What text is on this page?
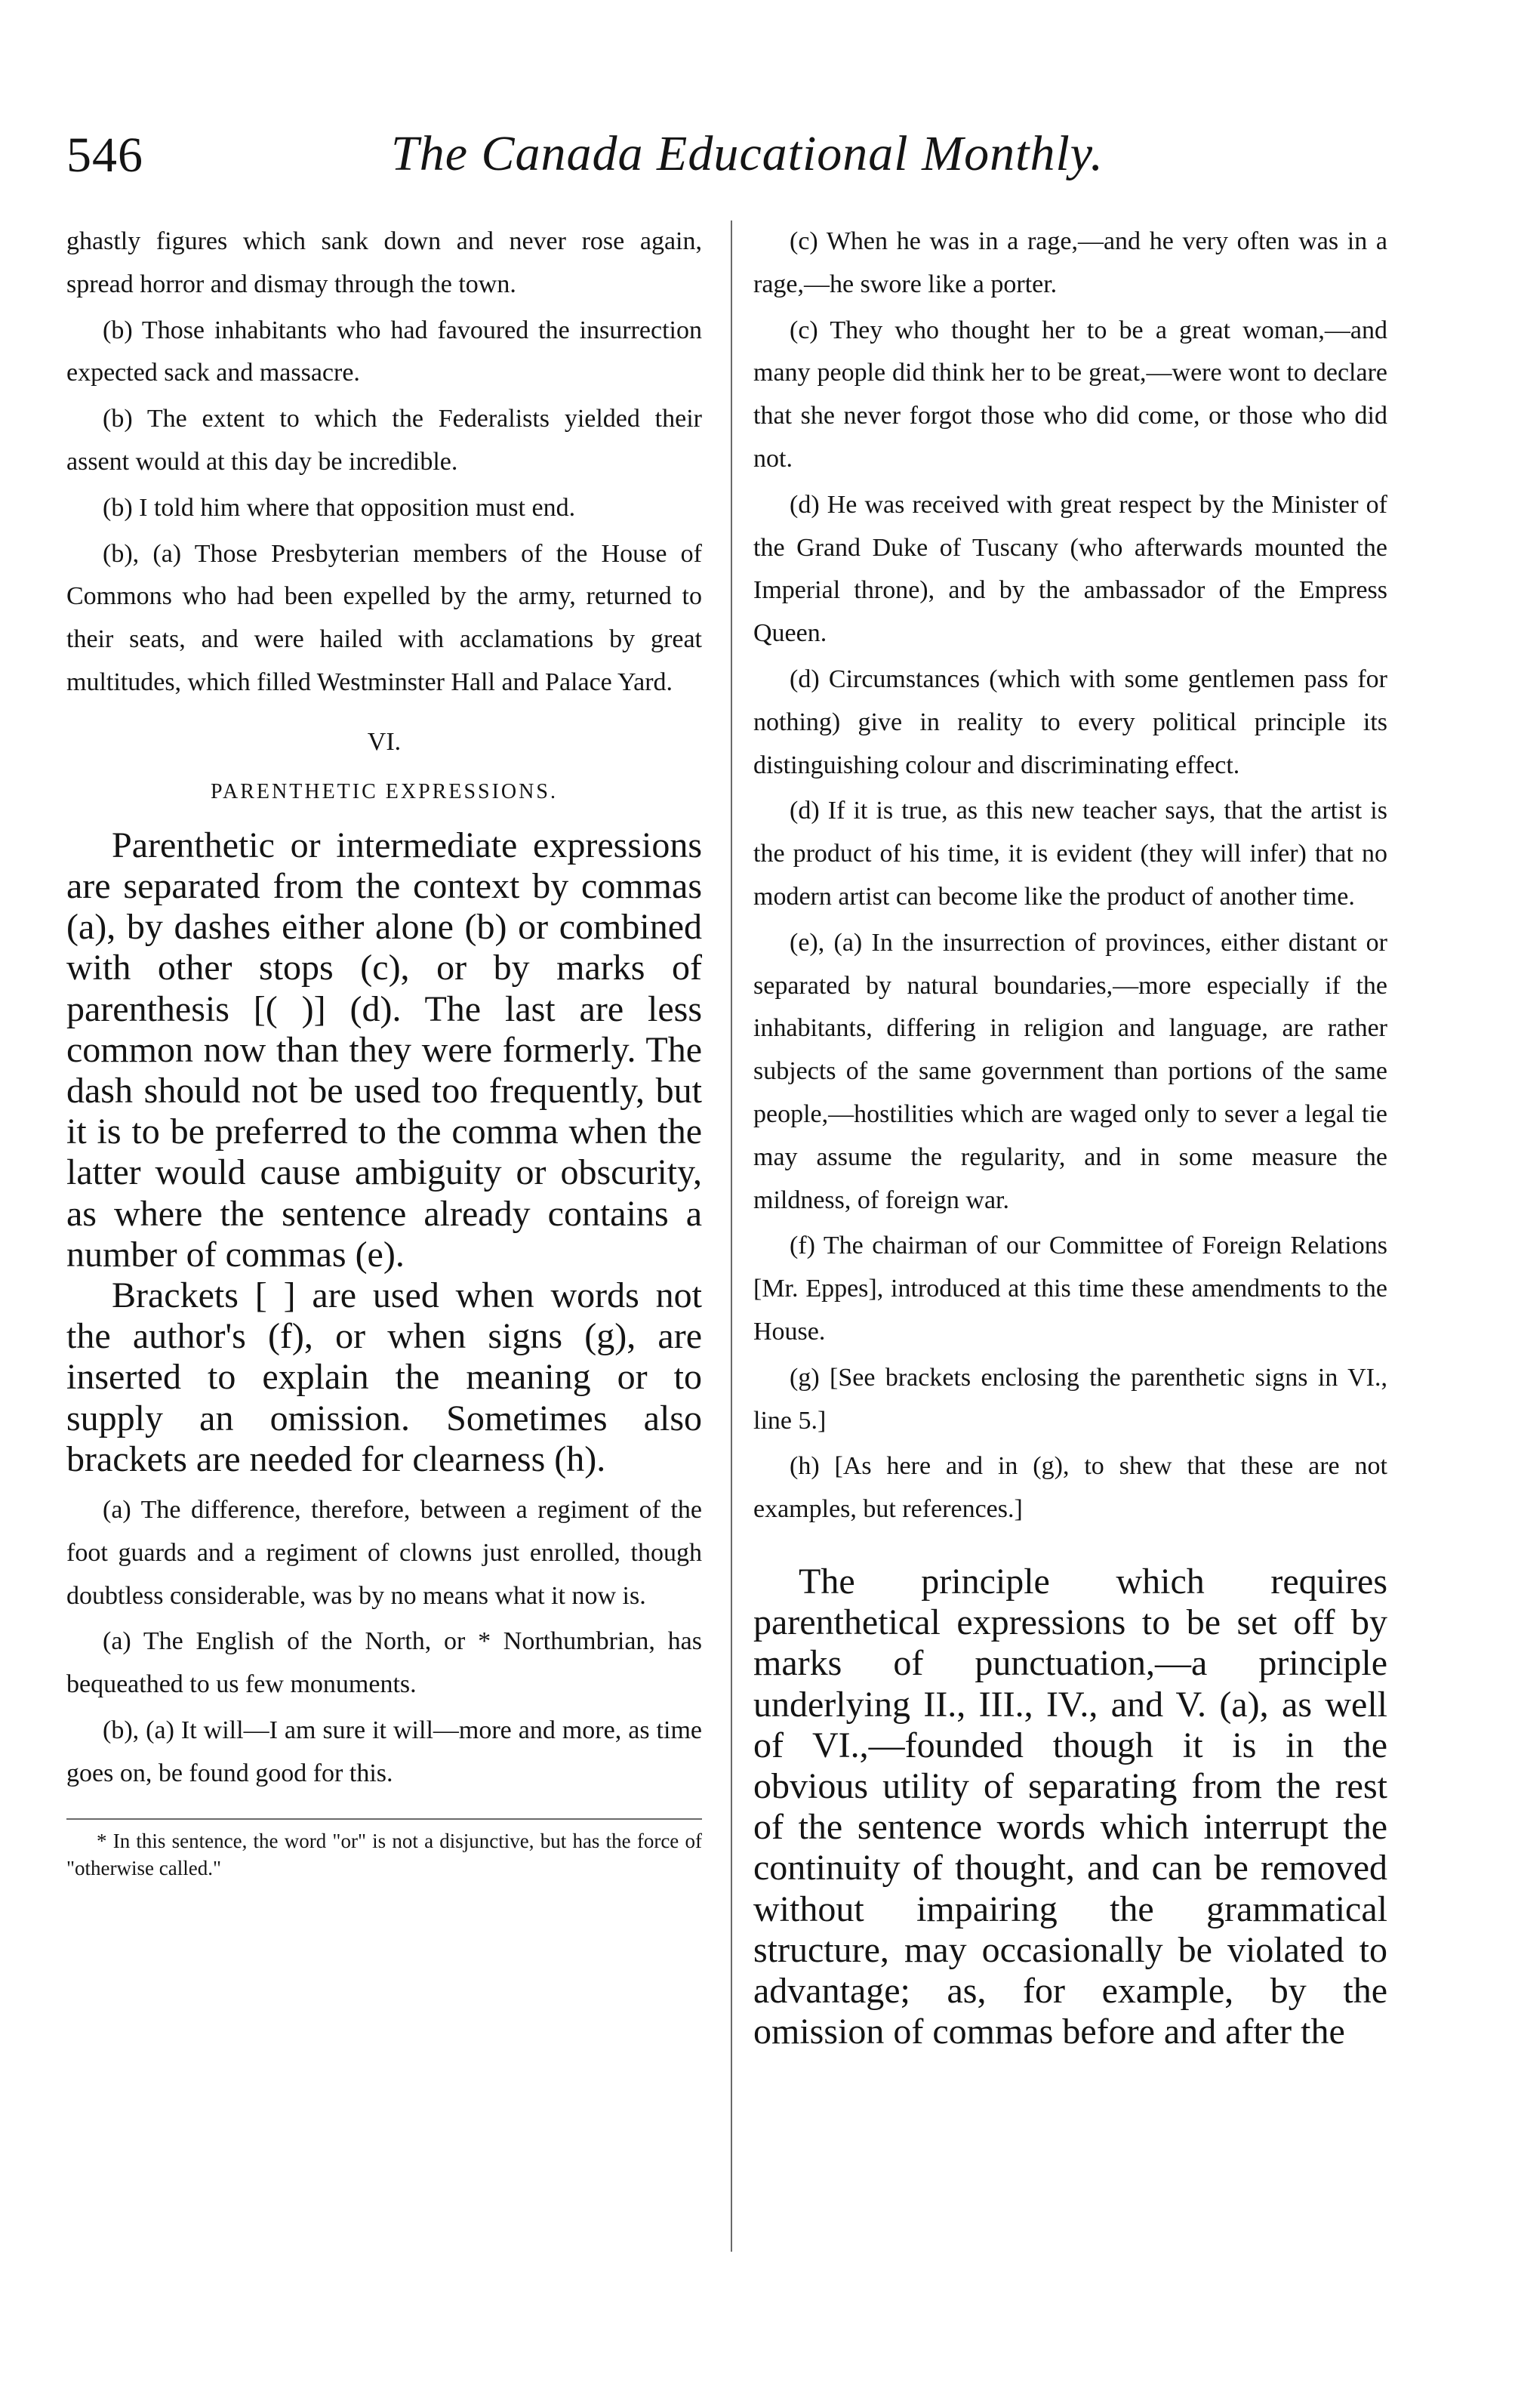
546	The Canada Educational Monthly.

ghastly figures which sank down and never rose again, spread horror and dismay through the town.

(b) Those inhabitants who had favoured the insurrection expected sack and massacre.

(b) The extent to which the Federalists yielded their assent would at this day be incredible.

(b) I told him where that opposition must end.

(b), (a) Those Presbyterian members of the House of Commons who had been expelled by the army, returned to their seats, and were hailed with acclamations by great multitudes, which filled Westminster Hall and Palace Yard.

VI.
PARENTHETIC EXPRESSIONS.

Parenthetic or intermediate expressions are separated from the context by commas (a), by dashes either alone (b) or combined with other stops (c), or by marks of parenthesis [( )] (d). The last are less common now than they were formerly. The dash should not be used too frequently, but it is to be preferred to the comma when the latter would cause ambiguity or obscurity, as where the sentence already contains a number of commas (e).

Brackets [ ] are used when words not the author's (f), or when signs (g), are inserted to explain the meaning or to supply an omission. Sometimes also brackets are needed for clearness (h).

(a) The difference, therefore, between a regiment of the foot guards and a regiment of clowns just enrolled, though doubtless considerable, was by no means what it now is.

(a) The English of the North, or * Northumbrian, has bequeathed to us few monuments.

(b), (a) It will—I am sure it will—more and more, as time goes on, be found good for this.

* In this sentence, the word "or" is not a disjunctive, but has the force of "otherwise called."

(c) When he was in a rage,—and he very often was in a rage,—he swore like a porter.

(c) They who thought her to be a great woman,—and many people did think her to be great,—were wont to declare that she never forgot those who did come, or those who did not.

(d) He was received with great respect by the Minister of the Grand Duke of Tuscany (who afterwards mounted the Imperial throne), and by the ambassador of the Empress Queen.

(d) Circumstances (which with some gentlemen pass for nothing) give in reality to every political principle its distinguishing colour and discriminating effect.

(d) If it is true, as this new teacher says, that the artist is the product of his time, it is evident (they will infer) that no modern artist can become like the product of another time.

(e), (a) In the insurrection of provinces, either distant or separated by natural boundaries,—more especially if the inhabitants, differing in religion and language, are rather subjects of the same government than portions of the same people,—hostilities which are waged only to sever a legal tie may assume the regularity, and in some measure the mildness, of foreign war.

(f) The chairman of our Committee of Foreign Relations [Mr. Eppes], introduced at this time these amendments to the House.

(g) [See brackets enclosing the parenthetic signs in VI., line 5.]

(h) [As here and in (g), to shew that these are not examples, but references.]

The principle which requires parenthetical expressions to be set off by marks of punctuation,—a principle underlying II., III., IV., and V. (a), as well of VI.,—founded though it is in the obvious utility of separating from the rest of the sentence words which interrupt the continuity of thought, and can be removed without impairing the grammatical structure, may occasionally be violated to advantage; as, for example, by the omission of commas before and after the
